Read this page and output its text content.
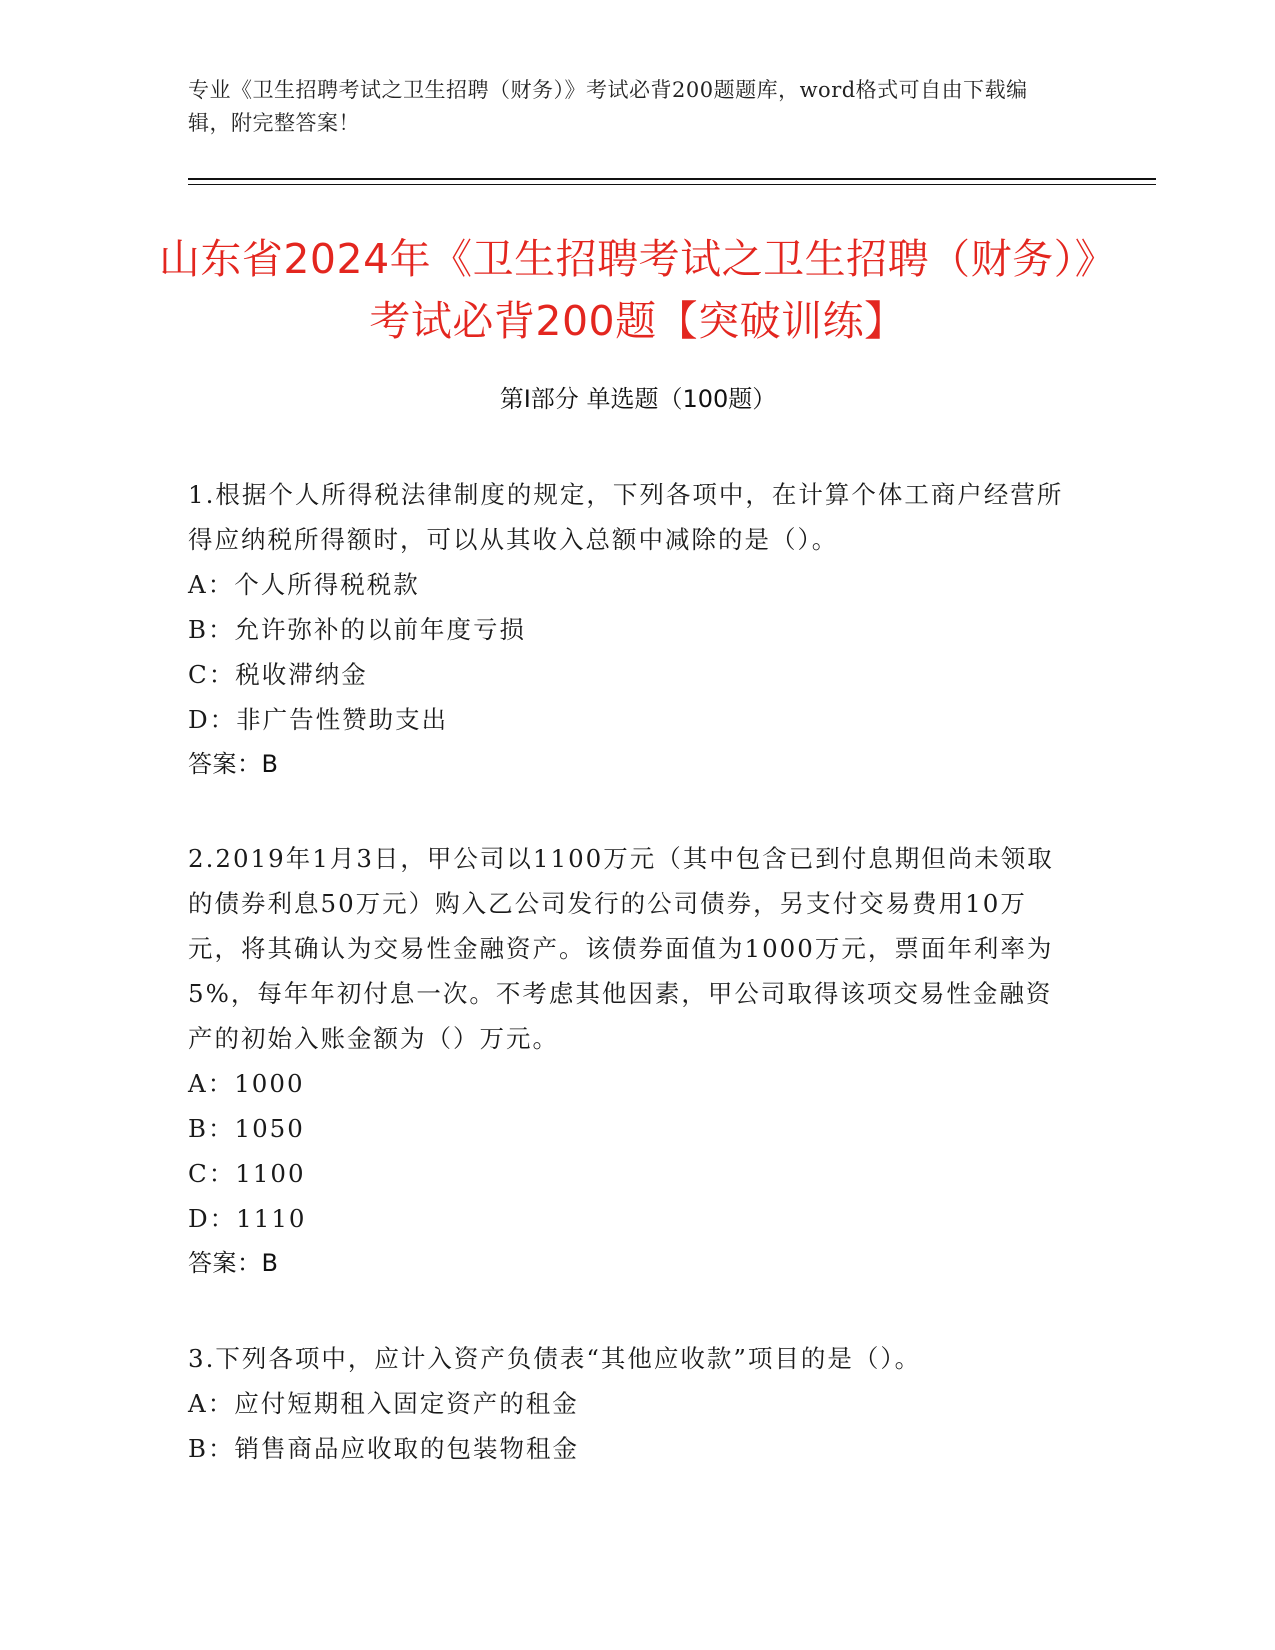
专业《卫生招聘考试之卫生招聘（财务）》考试必背200题题库，word格式可自由下载编辑，附完整答案！
山东省2024年《卫生招聘考试之卫生招聘（财务）》考试必背200题【突破训练】
第Ⅰ部分 单选题（100题）
1.根据个人所得税法律制度的规定，下列各项中，在计算个体工商户经营所得应纳税所得额时，可以从其收入总额中减除的是（）。
A：个人所得税税款
B：允许弥补的以前年度亏损
C：税收滞纳金
D：非广告性赞助支出
答案：B
2.2019年1月3日，甲公司以1100万元（其中包含已到付息期但尚未领取的债券利息50万元）购入乙公司发行的公司债券，另支付交易费用10万元，将其确认为交易性金融资产。该债券面值为1000万元，票面年利率为5%，每年年初付息一次。不考虑其他因素，甲公司取得该项交易性金融资产的初始入账金额为（）万元。
A：1000
B：1050
C：1100
D：1110
答案：B
3.下列各项中，应计入资产负债表“其他应收款”项目的是（）。
A：应付短期租入固定资产的租金
B：销售商品应收取的包装物租金
